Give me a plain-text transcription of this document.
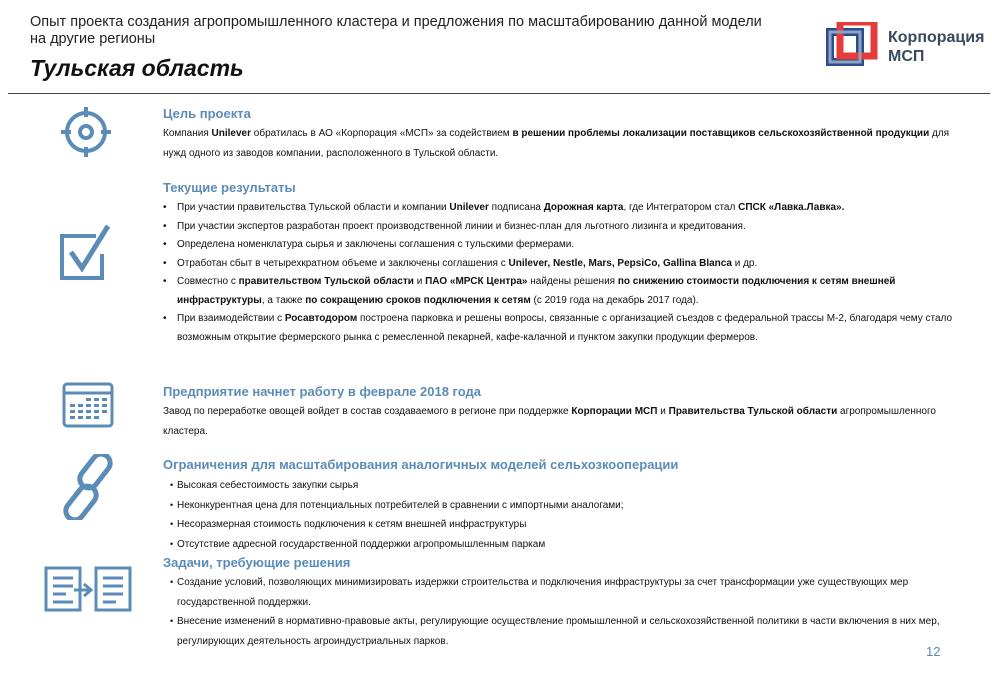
Опыт проекта создания агропромышленного кластера и предложения по масштабированию данной модели на другие регионы
Тульская область
Корпорация
МСП
Цель проекта
Компания Unilever обратилась в АО «Корпорация «МСП» за содействием в решении проблемы локализации поставщиков сельскохозяйственной продукции для нужд одного из заводов компании, расположенного в Тульской области.
Текущие результаты
• При участии правительства Тульской области и компании Unilever подписана Дорожная карта, где Интегратором стал СПСК «Лавка.Лавка».
• При участии экспертов разработан проект производственной линии и бизнес-план для льготного лизинга и кредитования.
• Определена номенклатура сырья и заключены соглашения с тульскими фермерами.
• Отработан сбыт в четырехкратном объеме и заключены соглашения с Unilever, Nestle, Mars, PepsiCo, Gallina Blanca и др.
• Совместно с правительством Тульской области и ПАО «МРСК Центра» найдены решения по снижению стоимости подключения к сетям внешней инфраструктуры, а также по сокращению сроков подключения к сетям (с 2019 года на декабрь 2017 года).
• При взаимодействии с Росавтодором построена парковка и решены вопросы, связанные с организацией съездов с федеральной трассы М-2, благодаря чему стало возможным открытие фермерского рынка с ремесленной пекарней, кафе-калачной и пунктом закупки продукции фермеров.
Предприятие начнет работу в феврале 2018 года
Завод по переработке овощей войдет в состав создаваемого в регионе при поддержке Корпорации МСП и Правительства Тульской области агропромышленного кластера.
Ограничения для масштабирования аналогичных моделей сельхозкооперации
• Высокая себестоимость закупки сырья
• Неконкурентная цена для потенциальных потребителей в сравнении с импортными аналогами;
• Несоразмерная стоимость подключения к сетям внешней инфраструктуры
• Отсутствие адресной государственной поддержки агропромышленным паркам
Задачи, требующие решения
• Создание условий, позволяющих минимизировать издержки строительства и подключения инфраструктуры за счет трансформации уже существующих мер государственной поддержки.
• Внесение изменений в нормативно-правовые акты, регулирующие осуществление промышленной и сельскохозяйственной политики в части включения в них мер, регулирующих деятельность агроиндустриальных парков.
12
